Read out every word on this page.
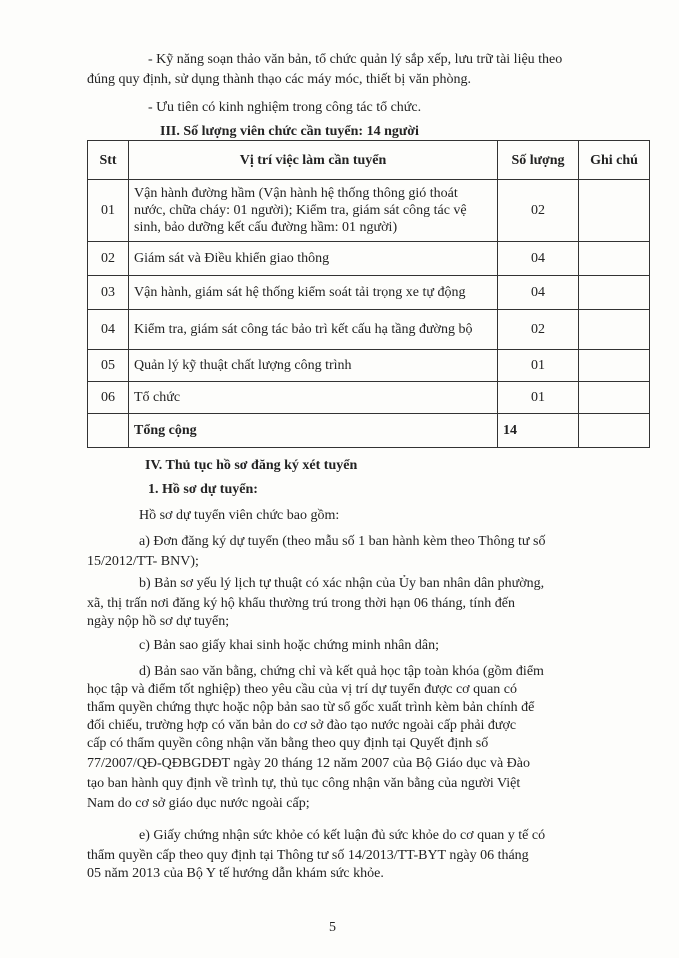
- Kỹ năng soạn thảo văn bản, tổ chức quản lý sắp xếp, lưu trữ tài liệu theo
đúng quy định, sử dụng thành thạo các máy móc, thiết bị văn phòng.
- Ưu tiên có kinh nghiệm trong công tác tổ chức.
III. Số lượng viên chức cần tuyển: 14 người
Stt	Vị trí việc làm cần tuyển	Số lượng	Ghi chú
01	Vận hành đường hầm (Vận hành hệ thống thông gió thoát nước, chữa cháy: 01 người); Kiểm tra, giám sát công tác vệ sinh, bảo dưỡng kết cấu đường hầm: 01 người)	02	
02	Giám sát và Điều khiển giao thông	04	
03	Vận hành, giám sát hệ thống kiểm soát tải trọng xe tự động	04	
04	Kiểm tra, giám sát công tác bảo trì kết cấu hạ tầng đường bộ	02	
05	Quản lý kỹ thuật chất lượng công trình	01	
06	Tổ chức	01	
	Tổng cộng	14	
IV. Thủ tục hồ sơ đăng ký xét tuyển
1. Hồ sơ dự tuyển:
Hồ sơ dự tuyển viên chức bao gồm:
a) Đơn đăng ký dự tuyển (theo mẫu số 1 ban hành kèm theo Thông tư số
15/2012/TT- BNV);
b) Bản sơ yếu lý lịch tự thuật có xác nhận của Ủy ban nhân dân phường,
xã, thị trấn nơi đăng ký hộ khẩu thường trú trong thời hạn 06 tháng, tính đến
ngày nộp hồ sơ dự tuyển;
c) Bản sao giấy khai sinh hoặc chứng minh nhân dân;
d) Bản sao văn bằng, chứng chỉ và kết quả học tập toàn khóa (gồm điểm
học tập và điểm tốt nghiệp) theo yêu cầu của vị trí dự tuyển được cơ quan có
thẩm quyền chứng thực hoặc nộp bản sao từ sổ gốc xuất trình kèm bản chính để
đối chiếu, trường hợp có văn bản do cơ sở đào tạo nước ngoài cấp phải được
cấp có thẩm quyền công nhận văn bằng theo quy định tại Quyết định số
77/2007/QĐ-QĐBGDĐT ngày 20 tháng 12 năm 2007 của Bộ Giáo dục và Đào
tạo ban hành quy định về trình tự, thủ tục công nhận văn bằng của người Việt
Nam do cơ sở giáo dục nước ngoài cấp;
e) Giấy chứng nhận sức khỏe có kết luận đủ sức khỏe do cơ quan y tế có
thẩm quyền cấp theo quy định tại Thông tư số 14/2013/TT-BYT ngày 06 tháng
05 năm 2013 của Bộ Y tế hướng dẫn khám sức khỏe.
5
